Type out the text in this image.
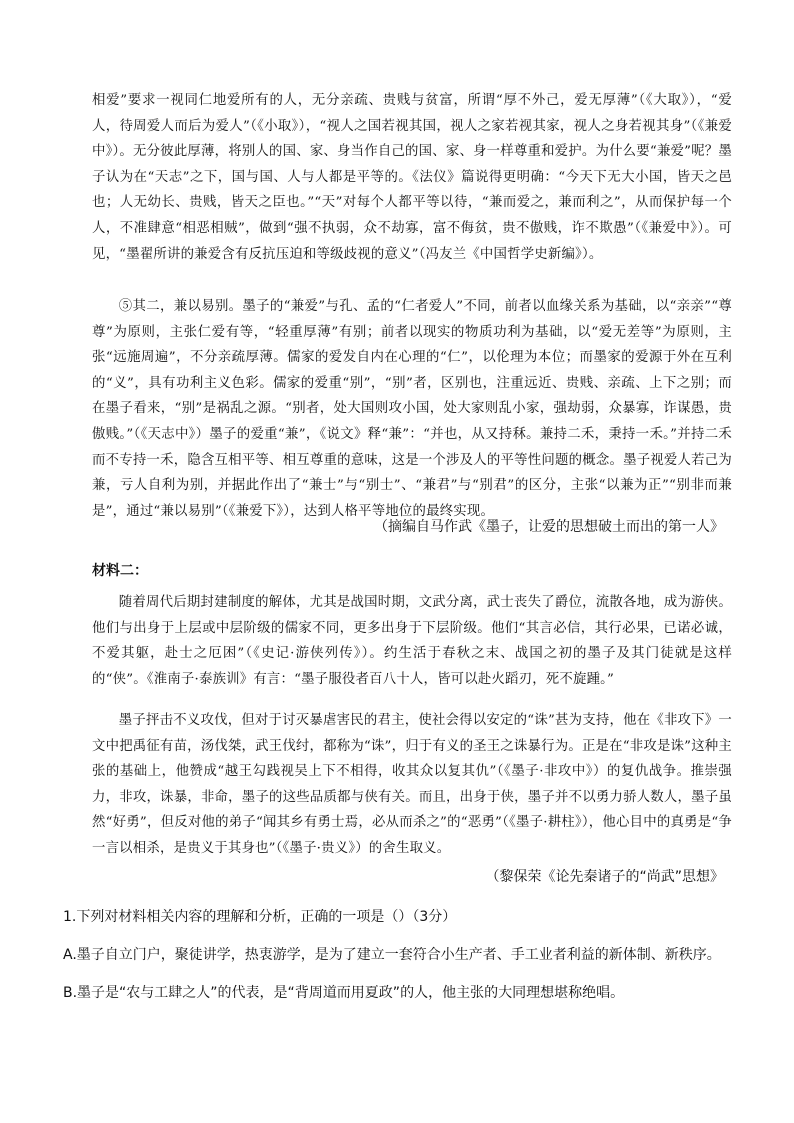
相爱”要求一视同仁地爱所有的人，无分亲疏、贵贱与贫富，所谓“厚不外己，爱无厚薄”（《大取》），“爱人，待周爱人而后为爱人”（《小取》），“视人之国若视其国，视人之家若视其家，视人之身若视其身”（《兼爱中》）。无分彼此厚薄，将别人的国、家、身当作自己的国、家、身一样尊重和爱护。为什么要“兼爱”呢？墨子认为在“天志”之下，国与国、人与人都是平等的。《法仪》篇说得更明确：“今天下无大小国，皆天之邑也；人无幼长、贵贱，皆天之臣也。”“天”对每个人都平等以待，“兼而爱之，兼而利之”，从而保护每一个人，不准肆意“相恶相贼”，做到“强不执弱，众不劫寡，富不侮贫，贵不傲贱，诈不欺愚”（《兼爱中》）。可见，“墨翟所讲的兼爱含有反抗压迫和等级歧视的意义”（冯友兰《中国哲学史新编》）。

⑤其二，兼以易别。墨子的“兼爱”与孔、孟的“仁者爱人”不同，前者以血缘关系为基础，以“亲亲”“尊尊”为原则，主张仁爱有等，“轻重厚薄”有别；前者以现实的物质功利为基础，以“爱无差等”为原则，主张“远施周遍”，不分亲疏厚薄。儒家的爱发自内在心理的“仁”，以伦理为本位；而墨家的爱源于外在互利的“义”，具有功利主义色彩。儒家的爱重“别”，“别”者，区别也，注重远近、贵贱、亲疏、上下之别；而在墨子看来，“别”是祸乱之源。“别者，处大国则攻小国，处大家则乱小家，强劫弱，众暴寡，诈谋愚，贵傲贱。”（《天志中》）墨子的爱重“兼”，《说文》释“兼”：“并也，从又持秝。兼持二禾，秉持一禾。”并持二禾而不专持一禾，隐含互相平等、相互尊重的意味，这是一个涉及人的平等性问题的概念。墨子视爱人若己为兼，亏人自利为别，并据此作出了“兼士”与“别士”、“兼君”与“别君”的区分，主张“以兼为正”“别非而兼是”，通过“兼以易别”（《兼爱下》），达到人格平等地位的最终实现。

（摘编自马作武《墨子，让爱的思想破土而出的第一人》

材料二：

随着周代后期封建制度的解体，尤其是战国时期，文武分离，武士丧失了爵位，流散各地，成为游侠。他们与出身于上层或中层阶级的儒家不同，更多出身于下层阶级。他们“其言必信，其行必果，已诺必诚，不爱其躯，赴士之厄困”（《史记·游侠列传》）。约生活于春秋之末、战国之初的墨子及其门徒就是这样的“侠”。《淮南子·泰族训》有言：“墨子服役者百八十人，皆可以赴火蹈刃，死不旋踵。”

墨子抨击不义攻伐，但对于讨灭暴虐害民的君主，使社会得以安定的“诛”甚为支持，他在《非攻下》一文中把禹征有苗，汤伐桀，武王伐纣，都称为“诛”，归于有义的圣王之诛暴行为。正是在“非攻是诛”这种主张的基础上，他赞成“越王勾践视吴上下不相得，收其众以复其仇”（《墨子·非攻中》）的复仇战争。推崇强力，非攻，诛暴，非命，墨子的这些品质都与侠有关。而且，出身于侠，墨子并不以勇力骄人数人，墨子虽然“好勇”，但反对他的弟子“闻其乡有勇士焉，必从而杀之”的“恶勇”（《墨子·耕柱》），他心目中的真勇是“争一言以相杀，是贵义于其身也”（《墨子·贵义》）的舍生取义。

（黎保荣《论先秦诸子的“尚武”思想》

1.下列对材料相关内容的理解和分析，正确的一项是（）（3分）

A.墨子自立门户，聚徒讲学，热衷游学，是为了建立一套符合小生产者、手工业者利益的新体制、新秩序。

B.墨子是“农与工肆之人”的代表，是“背周道而用夏政”的人，他主张的大同理想堪称绝唱。
